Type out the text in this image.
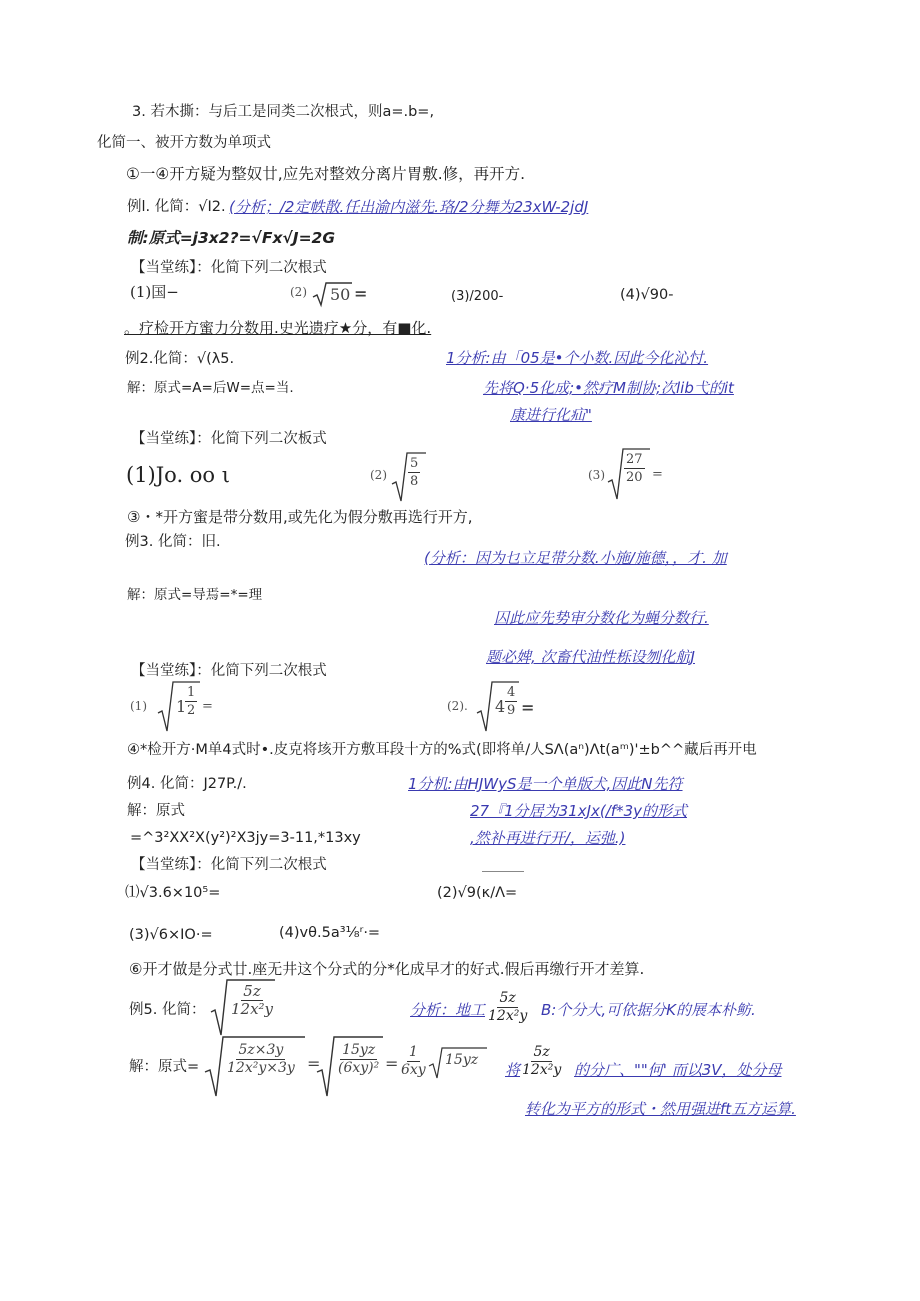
3. 若木撕：与后工是同类二次根式，则a=.b=,
化简一、被开方数为单项式
①一④开方疑为整奴廿,应先对整效分离片胃敷.修，再开方.
例l. 化简：√I2. (分析；/2定帙散.任出渝内滋先.珞/2分舞为23xW-2jdJ
制:原式=j3x2?=√Fx√J=2G
【当堂练】：化简下列二次根式
(1)国−	(2) 50 =	(3)/200-	(4)√90-
。疗检开方蜜力分数用.史光遗疗★分，有■化.
例2.化简：√(λ5.	1分析:由「05是•个小数.因此今化沁忖.
解：原式=A=后W=点=当.	先将Q·5化成;•然疗M制协;次lib弋的it
康进行化疝"
【当堂练】：化简下列二次板式
(1)Jo. oo ι	$(2) \frac{5}{8}$	$(3) \frac{27}{20}$ =
③・*开方蜜是带分数用,或先化为假分敷再选行开方,
例3. 化简：旧.
(分析：因为乜立足带分数.小施/施德，，才. 加
解：原式=导焉=*=理
囚此应先势审分数化为蝇分数行.
【当堂练】：化简下列二次根式
题必婢, 次畜代油性栎设刎化航J
(1) 1
$\frac{1}{2}$ =	(2). $4 \frac{4}{9}$ =
④*检开方·M单4式时•.皮克将垓开方敷耳段十方的%式(即将单/人SΛ(aⁿ)Λt(aᵐ)'±b^^藏后再开电
例4. 化简：J27P./.	1分机:由HJWyS是一个单版犬,因此N先符
解：原式	27『1分居为31xJx(/f*3y的形式
=^3²XX²X(y²)²X3jy=3-11,*13xy	,然补再进行开/，运弛.)
【当堂练】：化简下列二次根式
⑴√3.6×10⁵=	(2)√9(κ/Λ=
(3)√6×IO·=	(4)vθ.5a³¹⁄₈ʳ·=
⑥开才做是分式廿.座无井这个分式的分*化成早才的好式.假后再缴行开才差算.
例5. 化简： $\frac{5z}{\text{12x²y}}$	分析：地工 $\frac{5z}{\text{12x²y}} B$:个分大,可依据分K的展本朴鲂.
解：原式= $\frac{5z\times 3y}{\text{12x²y×3y}} = \frac{15yz}{\text{(6xy)²}} = \frac{1}{6xy} 15yz$
将 $\frac{5z}{\text{12x²y}}$ 的分广、""何' 而以3V，处分母
转化为平方的形式・然用强进ft五方运算.
